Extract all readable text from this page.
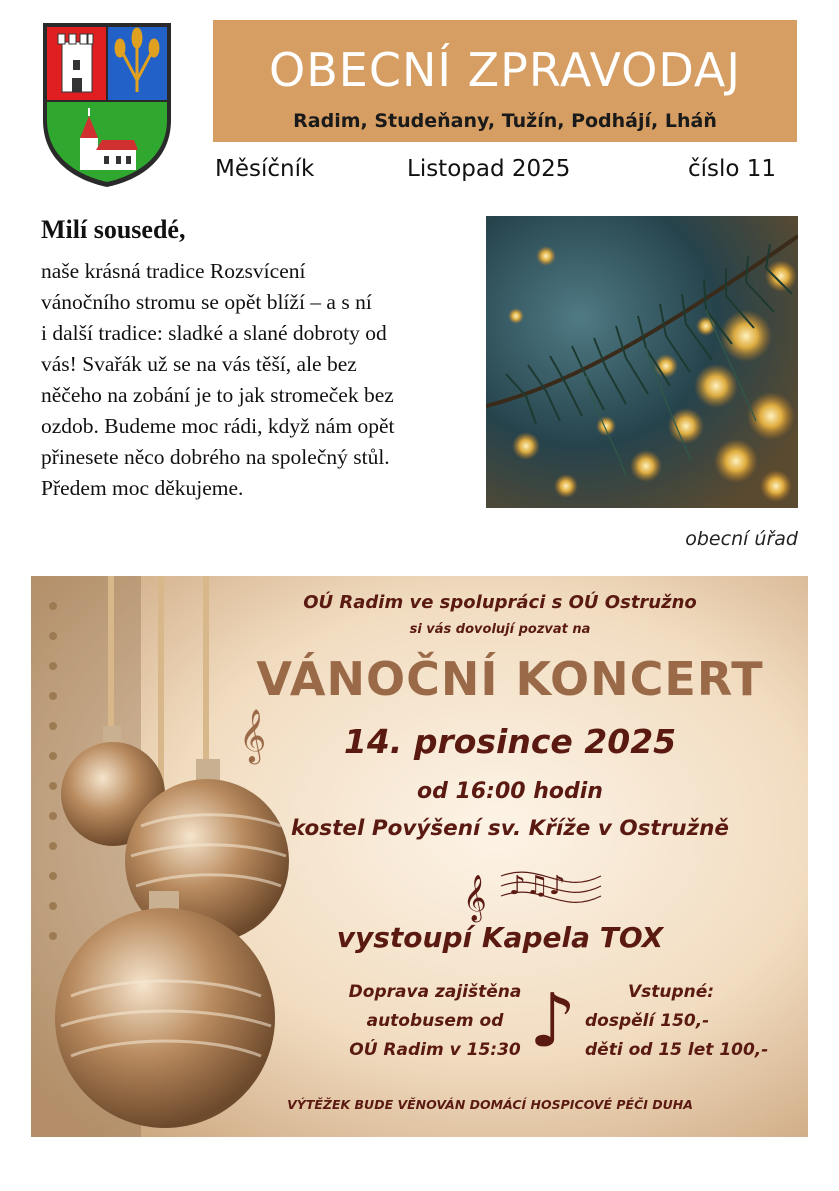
OBECNÍ ZPRAVODAJ
Radim, Studeňany, Tužín, Podhájí, Lháň
Měsíčník	Listopad 2025	číslo 11
Milí sousedé,
naše krásná tradice Rozsvícení
vánočního stromu se opět blíží – a s ní
i další tradice: sladké a slané dobroty od
vás! Svařák už se na vás těší, ale bez
něčeho na zobání je to jak stromeček bez
ozdob. Budeme moc rádi, když nám opět
přinesete něco dobrého na společný stůl.
Předem moc děkujeme.
obecní úřad
𝄞
𝄞 ♪♫♪
♪
OÚ Radim ve spolupráci s OÚ Ostružno
si vás dovolují pozvat na
VÁNOČNÍ KONCERT
14. prosince 2025
od 16:00 hodin
kostel Povýšení sv. Kříže v Ostružně
vystoupí Kapela TOX
Doprava zajištěna
autobusem od
OÚ Radim v 15:30
Vstupné:
dospělí 150,-
děti od 15 let 100,-
VÝTĚŽEK BUDE VĚNOVÁN DOMÁCÍ HOSPICOVÉ PÉČI DUHA
